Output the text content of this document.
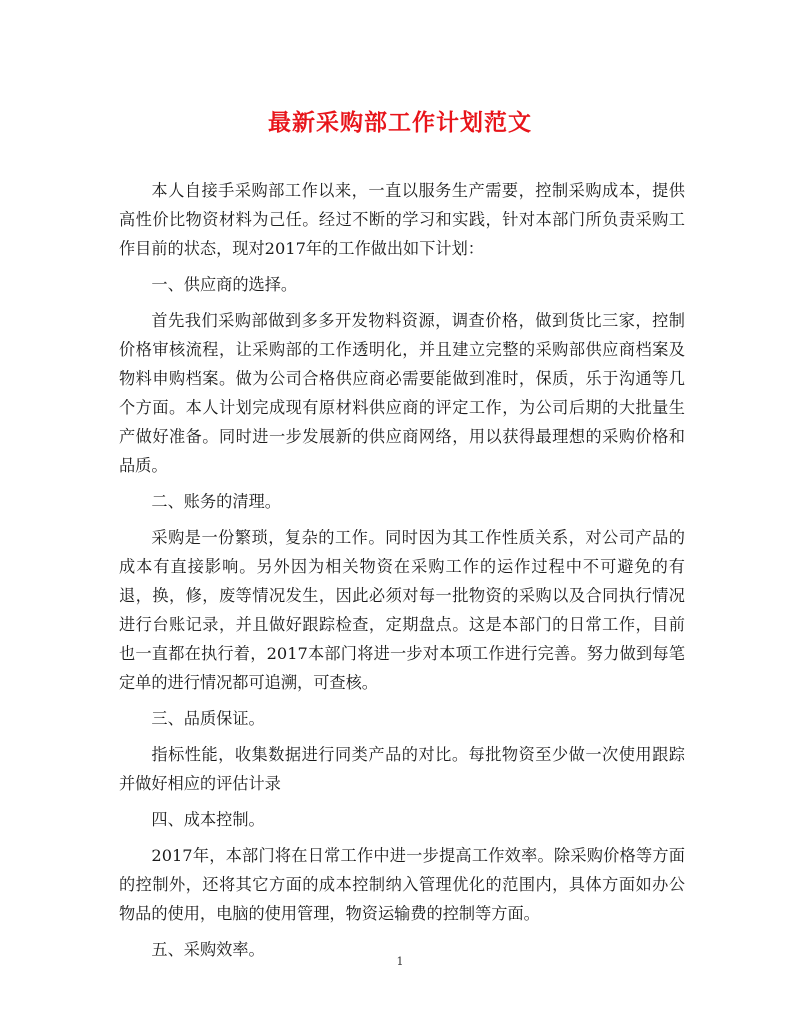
最新采购部工作计划范文

本人自接手采购部工作以来，一直以服务生产需要，控制采购成本，提供高性价比物资材料为己任。经过不断的学习和实践，针对本部门所负责采购工作目前的状态，现对2017年的工作做出如下计划：

一、供应商的选择。

首先我们采购部做到多多开发物料资源，调查价格，做到货比三家，控制价格审核流程，让采购部的工作透明化，并且建立完整的采购部供应商档案及物料申购档案。做为公司合格供应商必需要能做到准时，保质，乐于沟通等几个方面。本人计划完成现有原材料供应商的评定工作，为公司后期的大批量生产做好准备。同时进一步发展新的供应商网络，用以获得最理想的采购价格和品质。

二、账务的清理。

采购是一份繁琐，复杂的工作。同时因为其工作性质关系，对公司产品的成本有直接影响。另外因为相关物资在采购工作的运作过程中不可避免的有退，换，修，废等情况发生，因此必须对每一批物资的采购以及合同执行情况进行台账记录，并且做好跟踪检查，定期盘点。这是本部门的日常工作，目前也一直都在执行着，2017本部门将进一步对本项工作进行完善。努力做到每笔定单的进行情况都可追溯，可查核。

三、品质保证。

指标性能，收集数据进行同类产品的对比。每批物资至少做一次使用跟踪并做好相应的评估计录

四、成本控制。

2017年，本部门将在日常工作中进一步提高工作效率。除采购价格等方面的控制外，还将其它方面的成本控制纳入管理优化的范围内，具体方面如办公物品的使用，电脑的使用管理，物资运输费的控制等方面。

五、采购效率。

1
